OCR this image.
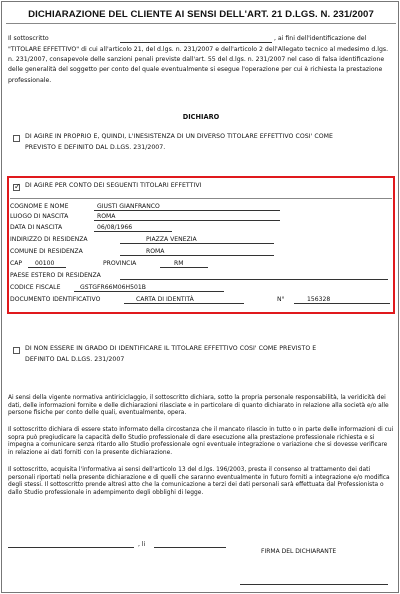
DICHIARAZIONE DEL CLIENTE AI SENSI DELL'ART. 21 D.LGS. N. 231/2007
Il sottoscritto	, ai fini dell'identificazione del
"TITOLARE EFFETTIVO" di cui all'articolo 21, del d.lgs. n. 231/2007 e dell'articolo 2 dell'Allegato tecnico al medesimo d.lgs. n. 231/2007, consapevole delle sanzioni penali previste dall'art. 55 del d.lgs. n. 231/2007 nel caso di falsa identificazione delle generalità del soggetto per conto del quale eventualmente si esegue l'operazione per cui è richiesta la prestazione professionale.
DICHIARO
DI AGIRE IN PROPRIO E, QUINDI, L'INESISTENZA DI UN DIVERSO TITOLARE EFFETTIVO COSI' COME
PREVISTO E DEFINITO DAL D.LGS. 231/2007.
✓
DI AGIRE PER CONTO DEI SEGUENTI TITOLARI EFFETTIVI
COGNOME E NOME	GIUSTI GIANFRANCO
LUOGO DI NASCITA	ROMA
DATA DI NASCITA	06/08/1966
INDIRIZZO DI RESIDENZA	PIAZZA VENEZIA
COMUNE DI RESIDENZA	ROMA
CAP 00100	PROVINCIA	RM
PAESE ESTERO DI RESIDENZA
CODICE FISCALE	GSTGFR66M06H501B
DOCUMENTO IDENTIFICATIVO	CARTA DI IDENTITÀ	N°	156328
DI NON ESSERE IN GRADO DI IDENTIFICARE IL TITOLARE EFFETTIVO COSI' COME PREVISTO E
DEFINITO DAL D.LGS. 231/2007
Ai sensi della vigente normativa antiriciclaggio, il sottoscritto dichiara, sotto la propria personale responsabilità, la veridicità dei dati, delle informazioni fornite e delle dichiarazioni rilasciate e in particolare di quanto dichiarato in relazione alla società e/o alle persone fisiche per conto delle quali, eventualmente, opera.
Il sottoscritto dichiara di essere stato informato della circostanza che il mancato rilascio in tutto o in parte delle informazioni di cui sopra può pregiudicare la capacità dello Studio professionale di dare esecuzione alla prestazione professionale richiesta e si impegna a comunicare senza ritardo allo Studio professionale ogni eventuale integrazione o variazione che si dovesse verificare in relazione ai dati forniti con la presente dichiarazione.
Il sottoscritto, acquisita l'informativa ai sensi dell'articolo 13 del d.lgs. 196/2003, presta il consenso al trattamento dei dati personali riportati nella presente dichiarazione e di quelli che saranno eventualmente in futuro forniti a integrazione e/o modifica degli stessi. Il sottoscritto prende altresì atto che la comunicazione a terzi dei dati personali sarà effettuata dal Professionista o dallo Studio professionale in adempimento degli obblighi di legge.
, li
FIRMA DEL DICHIARANTE
